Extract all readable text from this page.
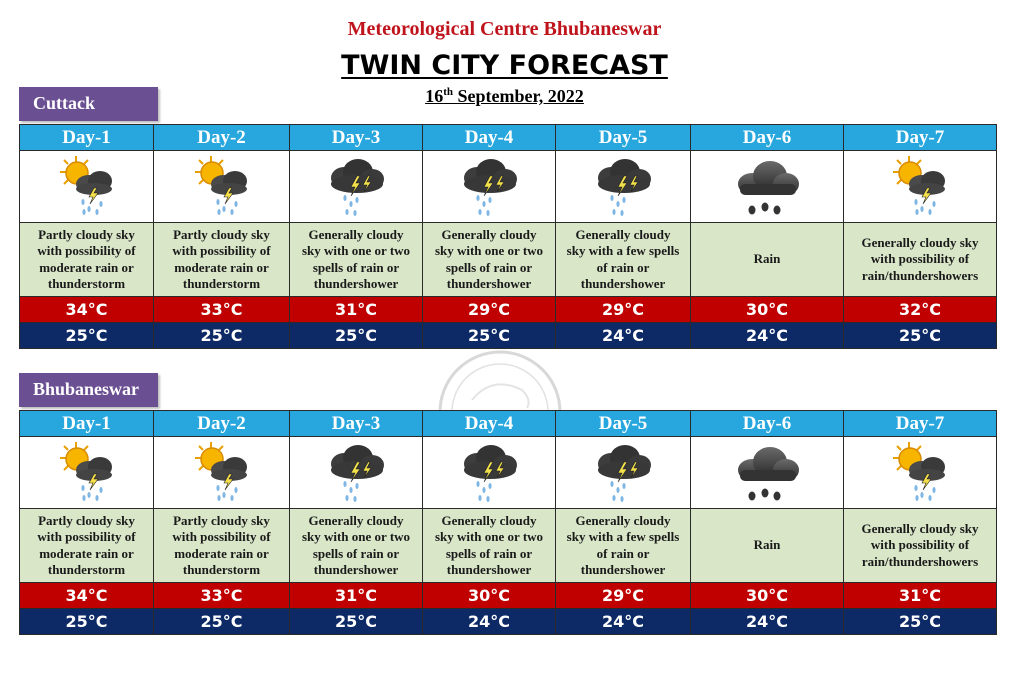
Meteorological Centre Bhubaneswar
TWIN CITY FORECAST
16th September, 2022
Cuttack
Day-1	Day-2	Day-3	Day-4	Day-5	Day-6	Day-7

Partly cloudy sky with possibility of moderate rain or thunderstorm	Partly cloudy sky with possibility of moderate rain or thunderstorm	Generally cloudy sky with one or two spells of rain or thundershower	Generally cloudy sky with one or two spells of rain or thundershower	Generally cloudy sky with a few spells of rain or thundershower	Rain	Generally cloudy sky with possibility of rain/thundershowers
34°C	33°C	31°C	29°C	29°C	30°C	32°C
25°C	25°C	25°C	25°C	24°C	24°C	25°C
Bhubaneswar
Day-1	Day-2	Day-3	Day-4	Day-5	Day-6	Day-7

Partly cloudy sky with possibility of moderate rain or thunderstorm	Partly cloudy sky with possibility of moderate rain or thunderstorm	Generally cloudy sky with one or two spells of rain or thundershower	Generally cloudy sky with one or two spells of rain or thundershower	Generally cloudy sky with a few spells of rain or thundershower	Rain	Generally cloudy sky with possibility of rain/thundershowers
34°C	33°C	31°C	30°C	29°C	30°C	31°C
25°C	25°C	25°C	24°C	24°C	24°C	25°C
